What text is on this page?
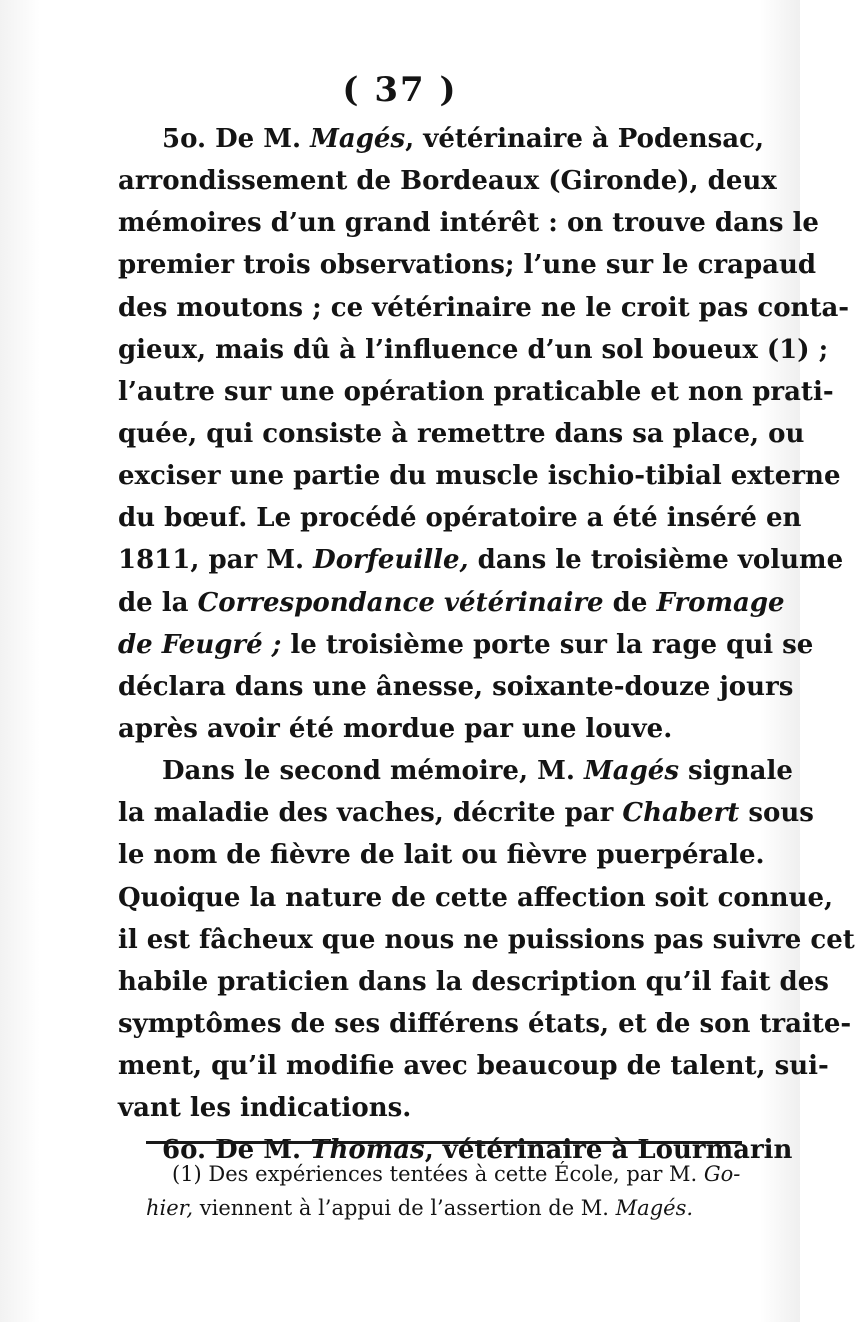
( 37 )
5o. De M. Magés, vétérinaire à Podensac,
arrondissement de Bordeaux (Gironde), deux
mémoires d’un grand intérêt : on trouve dans le
premier trois observations; l’une sur le crapaud
des moutons ; ce vétérinaire ne le croit pas conta-
gieux, mais dû à l’influence d’un sol boueux (1) ;
l’autre sur une opération praticable et non prati-
quée, qui consiste à remettre dans sa place, ou
exciser une partie du muscle ischio-tibial externe
du bœuf. Le procédé opératoire a été inséré en
1811, par M. Dorfeuille, dans le troisième volume
de la Correspondance vétérinaire de Fromage
de Feugré ; le troisième porte sur la rage qui se
déclara dans une ânesse, soixante-douze jours
après avoir été mordue par une louve.
Dans le second mémoire, M. Magés signale
la maladie des vaches, décrite par Chabert sous
le nom de fièvre de lait ou fièvre puerpérale.
Quoique la nature de cette affection soit connue,
il est fâcheux que nous ne puissions pas suivre cet
habile praticien dans la description qu’il fait des
symptômes de ses différens états, et de son traite-
ment, qu’il modifie avec beaucoup de talent, sui-
vant les indications.
6o. De M. Thomas, vétérinaire à Lourmarin
(1) Des expériences tentées à cette École, par M. Go-
hier, viennent à l’appui de l’assertion de M. Magés.
